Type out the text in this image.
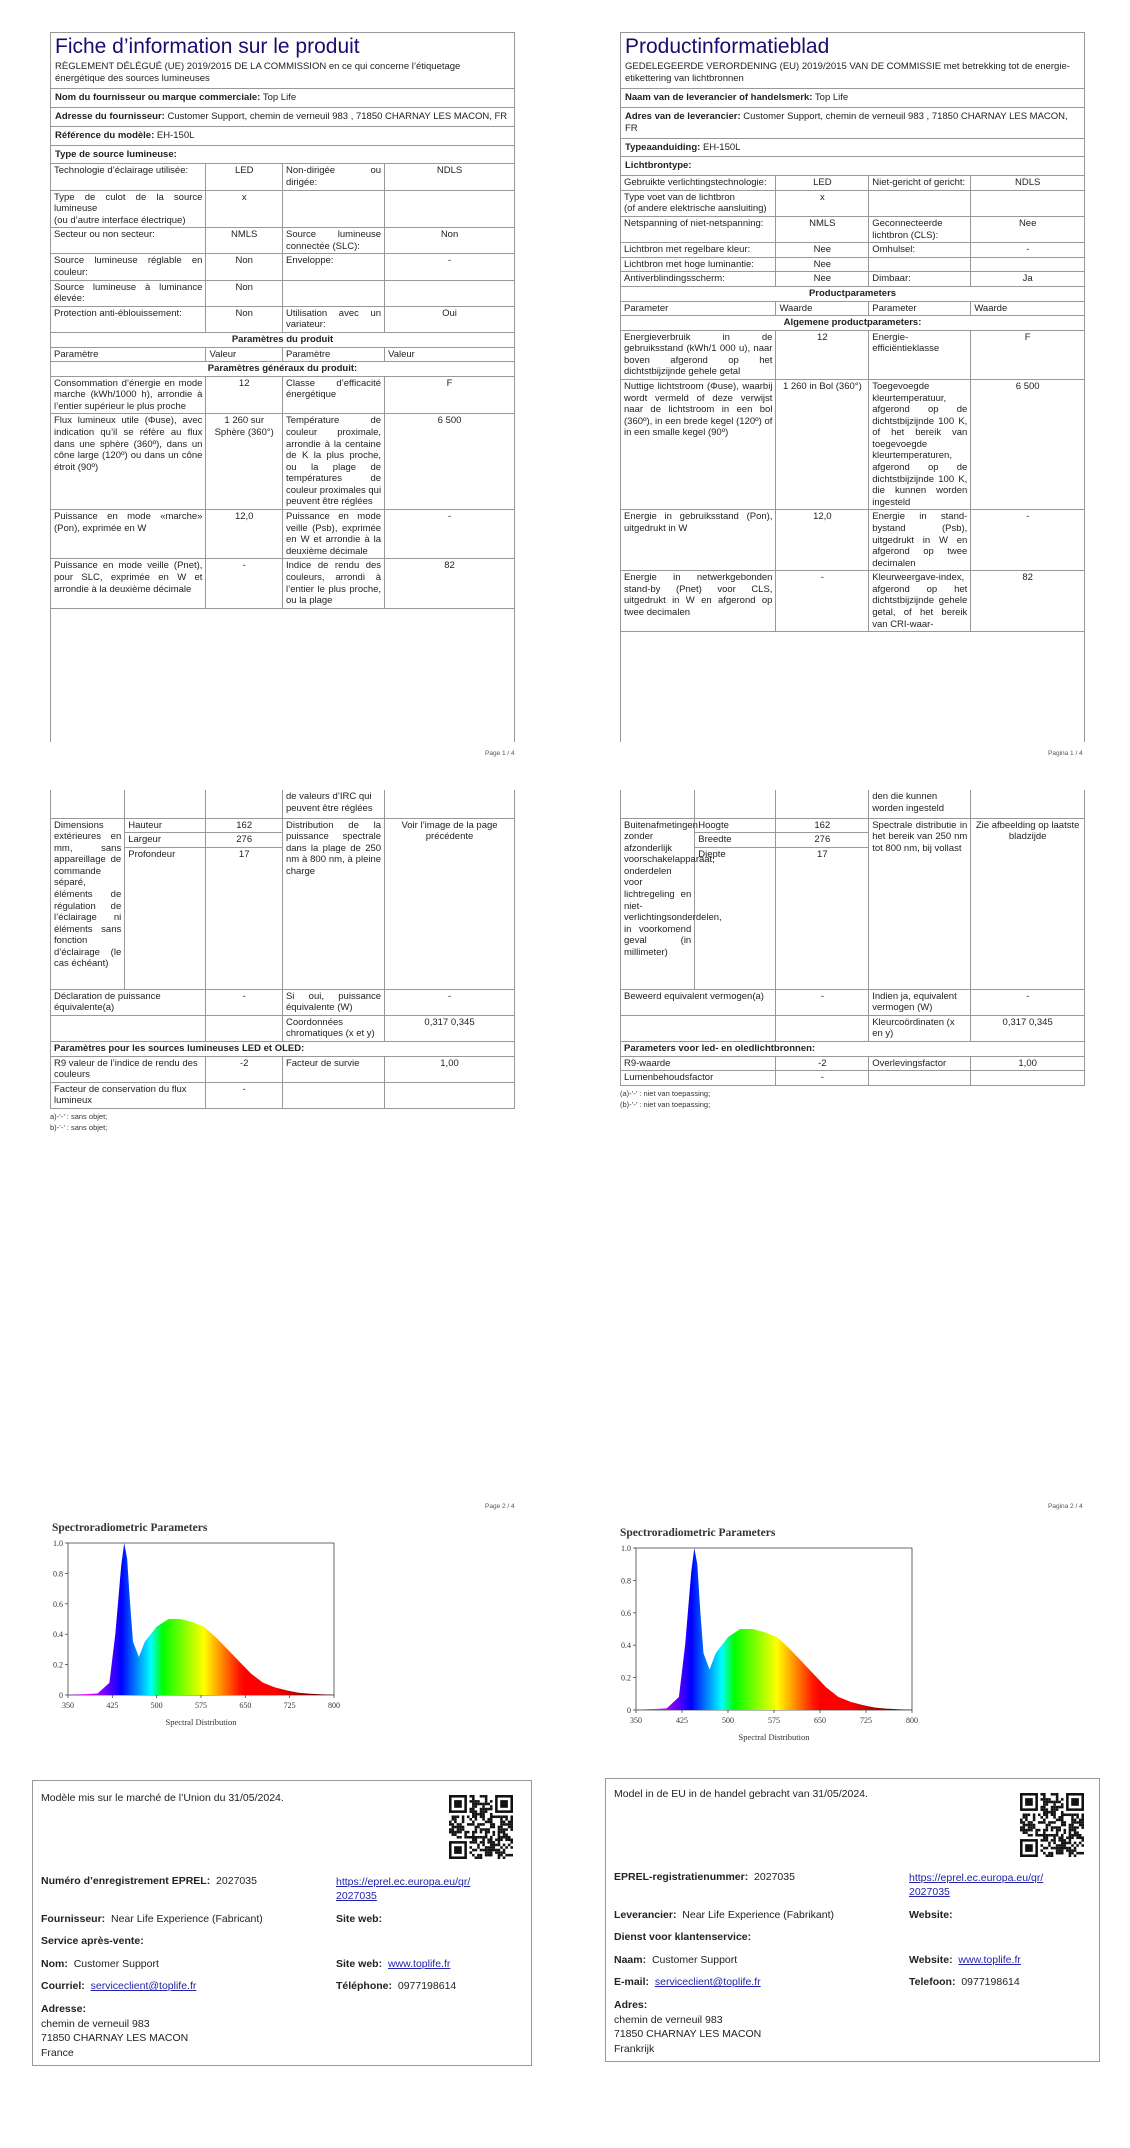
Fiche d’information sur le produit
RÈGLEMENT DÉLÉGUÉ (UE) 2019/2015 DE LA COMMISSION en ce qui concerne l’étiquetage énergétique des sources lumineuses
Nom du fournisseur ou marque commerciale: Top Life
Adresse du fournisseur: Customer Support, chemin de verneuil 983 , 71850 CHARNAY LES MACON, FR
Référence du modèle: EH-150L
Type de source lumineuse:
Technologie d’éclairage utilisée:	LED	Non-dirigée ou dirigée:	NDLS
Type de culot de la source lumineuse
(ou d’autre interface électrique)	x		
Secteur ou non secteur:	NMLS	Source lumineuse connectée (SLC):	Non
Source lumineuse réglable en couleur:	Non	Enveloppe:	-
Source lumineuse à luminance élevée:	Non		
Protection anti-éblouissement:	Non	Utilisation avec un variateur:	Oui
Paramètres du produit			
Paramètre	Valeur	Paramètre	Valeur
Paramètres généraux du produit:			
Consommation d’énergie en mode marche (kWh/1000 h), arrondie à l’entier supérieur le plus proche	12	Classe d’efficacité énergétique	F
Flux lumineux utile (Φuse), avec indication qu’il se réfère au flux dans une sphère (360º), dans un cône large (120º) ou dans un cône étroit (90º)	1 260 sur Sphère (360°)	Température de couleur proximale, arrondie à la centaine de K la plus proche, ou la plage de températures de couleur proximales qui peuvent être réglées	6 500
Puissance en mode «marche» (Pon), exprimée en W	12,0	Puissance en mode veille (Psb), exprimée en W et arrondie à la deuxième décimale	-
Puissance en mode veille (Pnet), pour SLC, exprimée en W et arrondie à la deuxième décimale	-	Indice de rendu des couleurs, arrondi à l’entier le plus proche, ou la plage	82
Page 1 / 4
Productinformatieblad
GEDELEGEERDE VERORDENING (EU) 2019/2015 VAN DE COMMISSIE met betrekking tot de energie-etikettering van lichtbronnen
Naam van de leverancier of handelsmerk: Top Life
Adres van de leverancier: Customer Support, chemin de verneuil 983 , 71850 CHARNAY LES MACON, FR
Typeaanduiding: EH-150L
Lichtbrontype:
Gebruikte verlichtingstechnologie:	LED	Niet-gericht of gericht:	NDLS
Type voet van de lichtbron
(of andere elektrische aansluiting)	x		
Netspanning of niet-netspanning:	NMLS	Geconnecteerde lichtbron (CLS):	Nee
Lichtbron met regelbare kleur:	Nee	Omhulsel:	-
Lichtbron met hoge luminantie:	Nee		
Antiverblindingsscherm:	Nee	Dimbaar:	Ja
Productparameters			
Parameter	Waarde	Parameter	Waarde
Algemene productparameters:			
Energieverbruik in de gebruiksstand (kWh/1 000 u), naar boven afgerond op het dichtstbijzijnde gehele getal	12	Energie-efficiëntieklasse	F
Nuttige lichtstroom (Φuse), waarbij wordt vermeld of deze verwijst naar de lichtstroom in een bol (360º), in een brede kegel (120º) of in een smalle kegel (90º)	1 260 in Bol (360°)	Toegevoegde kleurtemperatuur, afgerond op de dichtstbijzijnde 100 K, of het bereik van toegevoegde kleurtemperaturen, afgerond op de dichtstbijzijnde 100 K, die kunnen worden ingesteld	6 500
Energie in gebruiksstand (Pon), uitgedrukt in W	12,0	Energie in stand-bystand (Psb), uitgedrukt in W en afgerond op twee decimalen	-
Energie in netwerkgebonden stand-by (Pnet) voor CLS, uitgedrukt in W en afgerond op twee decimalen	-	Kleurweergave-index, afgerond op het dichtstbijzijnde gehele getal, of het bereik van CRI-waar-	82
Pagina 1 / 4
			de valeurs d’IRC qui peuvent être réglées	
Dimensions extérieures en mm, sans appareillage de commande séparé, éléments de régulation de l’éclairage ni éléments sans fonction d’éclairage (le cas échéant)	Hauteur	162	Distribution de la puissance spectrale dans la plage de 250 nm à 800 nm, à pleine charge	Voir l’image de la page précédente
	Largeur	276		
	Profondeur	17		
Déclaration de puissance équivalente(a)		-	Si oui, puissance équivalente (W)	-
			Coordonnées chromatiques (x et y)	0,317 0,345
Paramètres pour les sources lumineuses LED et OLED:				
R9 valeur de l’indice de rendu des couleurs		-2	Facteur de survie	1,00
Facteur de conservation du flux lumineux		-		
a)-’-’ : sans objet;
b)-’-’ : sans objet;
Page 2 / 4
			den die kunnen worden ingesteld	
Buitenafmetingen zonder afzonderlijk voorschakelapparaat, onderdelen voor lichtregeling en niet-verlichtingsonderdelen, in voorkomend geval (in millimeter)	Hoogte	162	Spectrale distributie in het bereik van 250 nm tot 800 nm, bij vollast	Zie afbeelding op laatste bladzijde
	Breedte	276		
	Diepte	17		
Beweerd equivalent vermogen(a)		-	Indien ja, equivalent vermogen (W)	-
			Kleurcoördinaten (x en y)	0,317 0,345
Parameters voor led- en oledlichtbronnen:				
R9-waarde		-2	Overlevingsfactor	1,00
Lumenbehoudsfactor		-		
(a)-’-’ : niet van toepassing;
(b)-’-’ : niet van toepassing;
Pagina 2 / 4
Spectroradiometric Parameters
0
0.2
0.4
0.6
0.8
1.0
350	425	500	575	650	725	800
Spectral Distribution
Spectroradiometric Parameters
0
0.2
0.4
0.6
0.8
1.0
350	425	500	575	650	725	800
Spectral Distribution
Modèle mis sur le marché de l’Union du 31/05/2024.
Numéro d’enregistrement EPREL: 2027035	https://eprel.ec.europa.eu/qr/2027035
Fournisseur: Near Life Experience (Fabricant)	Site web:
Service après-vente:
Nom: Customer Support	Site web: www.toplife.fr
Courriel: serviceclient@toplife.fr	Téléphone: 0977198614
Adresse:
chemin de verneuil 983
71850 CHARNAY LES MACON
France
Model in de EU in de handel gebracht van 31/05/2024.
EPREL-registratienummer: 2027035	https://eprel.ec.europa.eu/qr/2027035
Leverancier: Near Life Experience (Fabrikant)	Website:
Dienst voor klantenservice:
Naam: Customer Support	Website: www.toplife.fr
E-mail: serviceclient@toplife.fr	Telefoon: 0977198614
Adres:
chemin de verneuil 983
71850 CHARNAY LES MACON
Frankrijk
